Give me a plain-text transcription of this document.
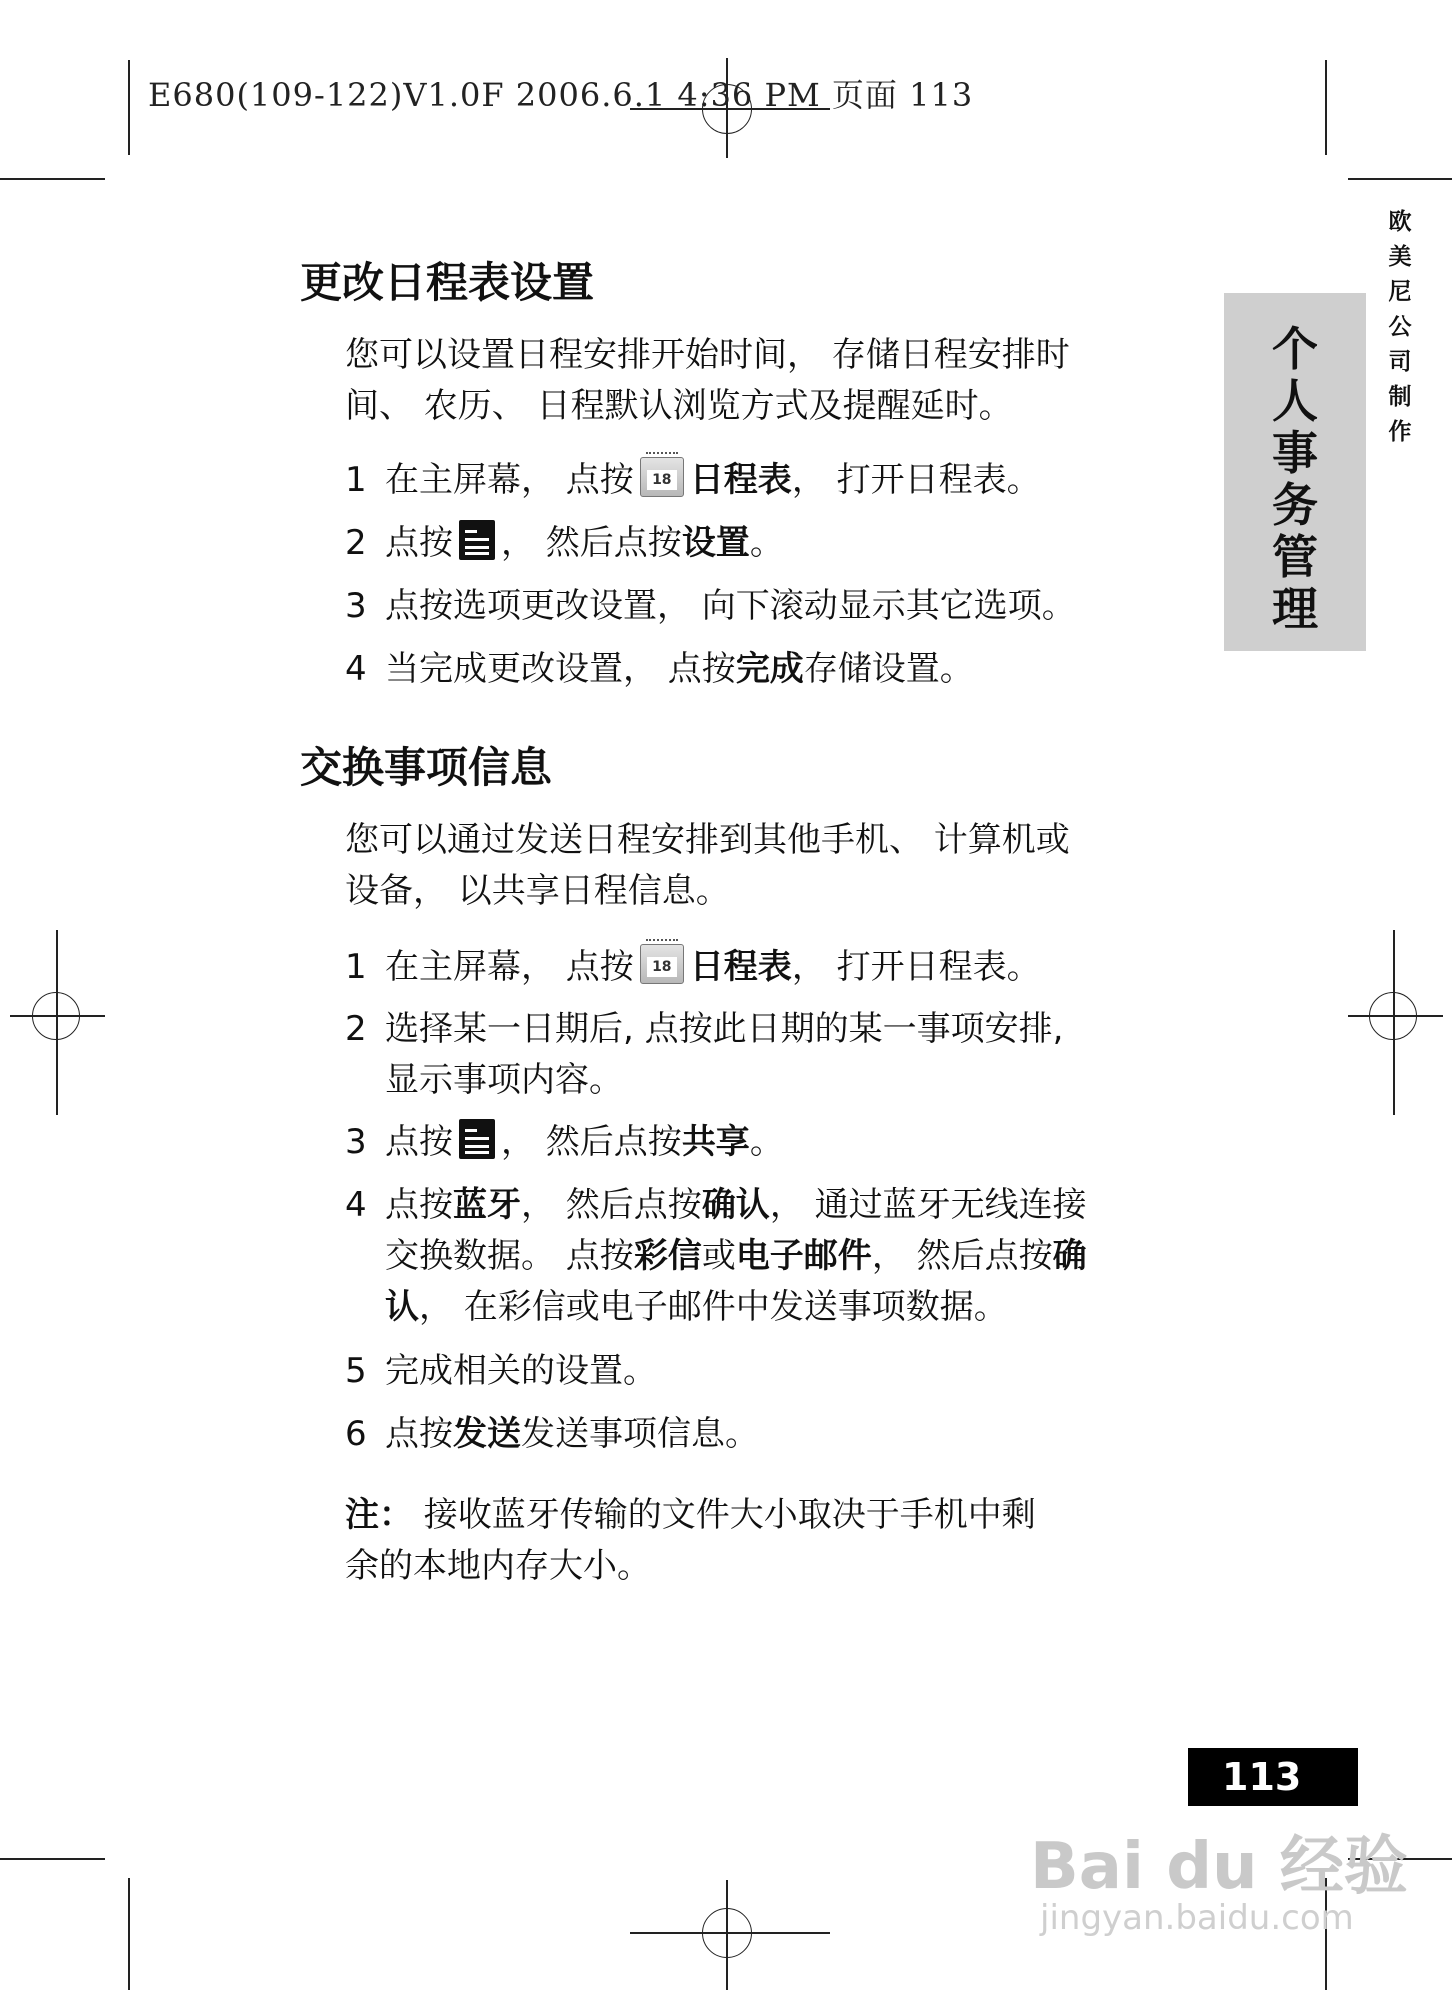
E680(109-122)V1.0F 2006.6.1 4:36 PM 页面 113
个
人
事
务
管
理
欧
美
尼
公
司
制
作
更改日程表设置
您可以设置日程安排开始时间， 存储日程安排时
间、 农历、 日程默认浏览方式及提醒延时。
1 在主屏幕， 点按	18 日程表， 打开日程表。
2 点按 ， 然后点按设置。
3 点按选项更改设置， 向下滚动显示其它选项。
4 当完成更改设置， 点按完成存储设置。
交换事项信息
您可以通过发送日程安排到其他手机、 计算机或
设备， 以共享日程信息。
1 在主屏幕， 点按	18 日程表， 打开日程表。
2 选择某一日期后, 点按此日期的某一事项安排,
显示事项内容。
3 点按 ， 然后点按共享。
4 点按蓝牙， 然后点按确认， 通过蓝牙无线连接
交换数据。 点按彩信或电子邮件， 然后点按确
认， 在彩信或电子邮件中发送事项数据。
5 完成相关的设置。
6 点按发送发送事项信息。
注： 接收蓝牙传输的文件大小取决于手机中剩
余的本地内存大小。
113
Bai du 经验
jingyan.baidu.com
